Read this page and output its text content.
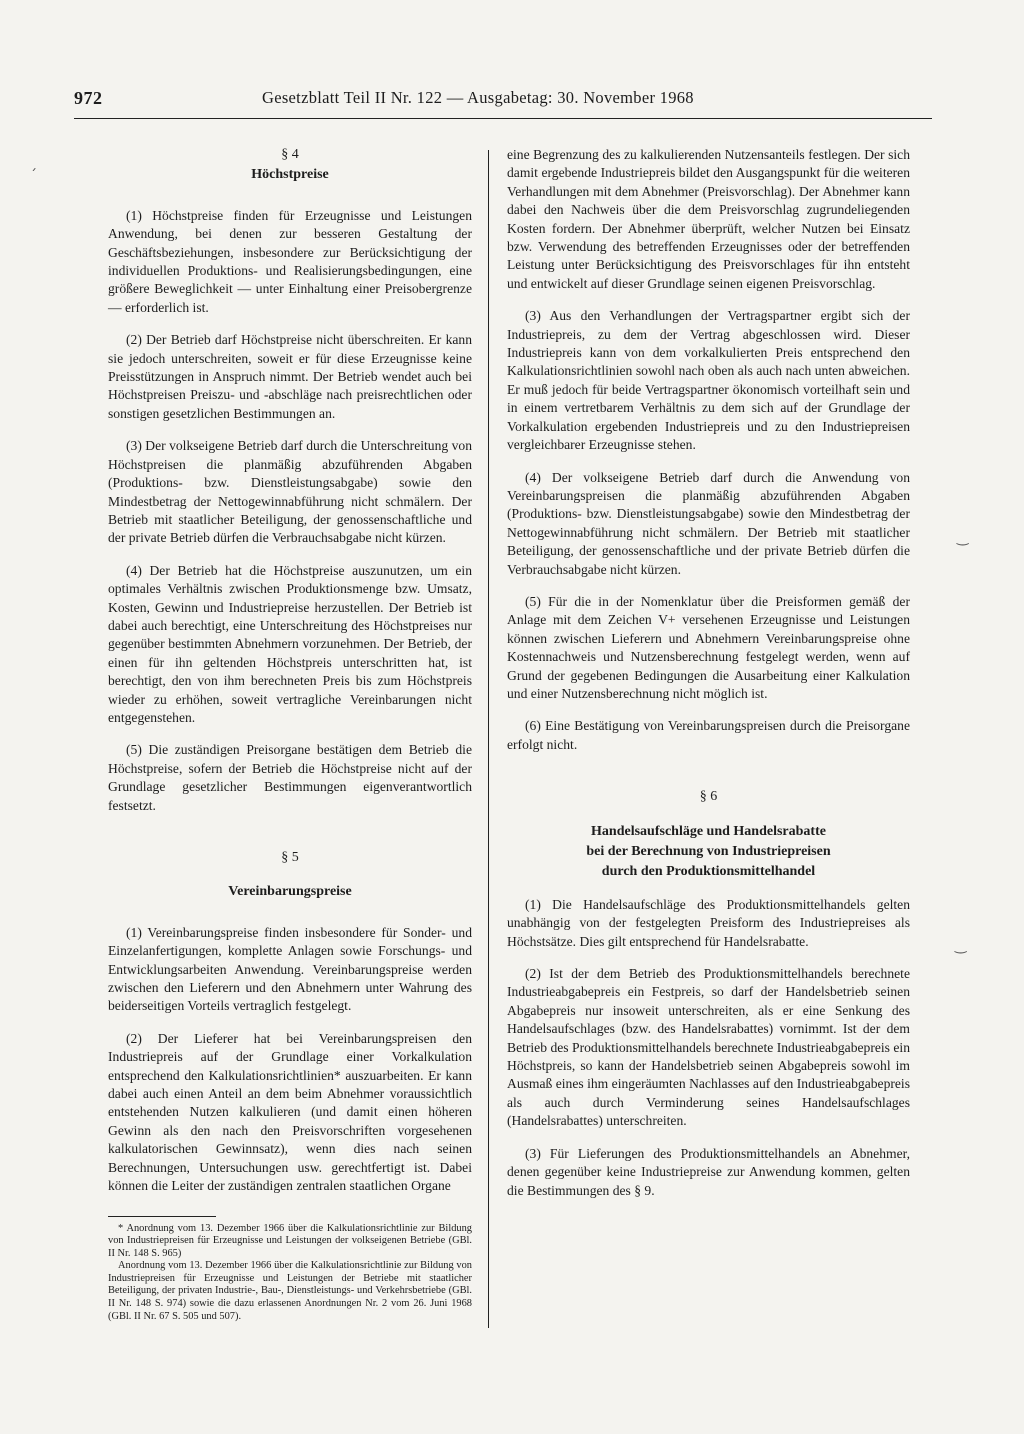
972	Gesetzblatt Teil II Nr. 122 — Ausgabetag: 30. November 1968
´
‿
‿
§ 4
Höchstpreise

(1) Höchstpreise finden für Erzeugnisse und Leistungen Anwendung, bei denen zur besseren Gestaltung der Geschäftsbeziehungen, insbesondere zur Berücksichtigung der individuellen Produktions- und Realisierungsbedingungen, eine größere Beweglichkeit — unter Einhaltung einer Preisobergrenze — erforderlich ist.

(2) Der Betrieb darf Höchstpreise nicht überschreiten. Er kann sie jedoch unterschreiten, soweit er für diese Erzeugnisse keine Preisstützungen in Anspruch nimmt. Der Betrieb wendet auch bei Höchstpreisen Preiszu- und -abschläge nach preisrechtlichen oder sonstigen gesetzlichen Bestimmungen an.

(3) Der volkseigene Betrieb darf durch die Unterschreitung von Höchstpreisen die planmäßig abzuführenden Abgaben (Produktions- bzw. Dienstleistungsabgabe) sowie den Mindestbetrag der Nettogewinnabführung nicht schmälern. Der Betrieb mit staatlicher Beteiligung, der genossenschaftliche und der private Betrieb dürfen die Verbrauchsabgabe nicht kürzen.

(4) Der Betrieb hat die Höchstpreise auszunutzen, um ein optimales Verhältnis zwischen Produktionsmenge bzw. Umsatz, Kosten, Gewinn und Industriepreise herzustellen. Der Betrieb ist dabei auch berechtigt, eine Unterschreitung des Höchstpreises nur gegenüber bestimmten Abnehmern vorzunehmen. Der Betrieb, der einen für ihn geltenden Höchstpreis unterschritten hat, ist berechtigt, den von ihm berechneten Preis bis zum Höchstpreis wieder zu erhöhen, soweit vertragliche Vereinbarungen nicht entgegenstehen.

(5) Die zuständigen Preisorgane bestätigen dem Betrieb die Höchstpreise, sofern der Betrieb die Höchstpreise nicht auf der Grundlage gesetzlicher Bestimmungen eigenverantwortlich festsetzt.

§ 5
Vereinbarungspreise

(1) Vereinbarungspreise finden insbesondere für Sonder- und Einzelanfertigungen, komplette Anlagen sowie Forschungs- und Entwicklungsarbeiten Anwendung. Vereinbarungspreise werden zwischen den Lieferern und den Abnehmern unter Wahrung des beiderseitigen Vorteils vertraglich festgelegt.

(2) Der Lieferer hat bei Vereinbarungspreisen den Industriepreis auf der Grundlage einer Vorkalkulation entsprechend den Kalkulationsrichtlinien* auszuarbeiten. Er kann dabei auch einen Anteil an dem beim Abnehmer voraussichtlich entstehenden Nutzen kalkulieren (und damit einen höheren Gewinn als den nach den Preisvorschriften vorgesehenen kalkulatorischen Gewinnsatz), wenn dies nach seinen Berechnungen, Untersuchungen usw. gerechtfertigt ist. Dabei können die Leiter der zuständigen zentralen staatlichen Organe

* Anordnung vom 13. Dezember 1966 über die Kalkulationsrichtlinie zur Bildung von Industriepreisen für Erzeugnisse und Leistungen der volkseigenen Betriebe (GBl. II Nr. 148 S. 965)

Anordnung vom 13. Dezember 1966 über die Kalkulationsrichtlinie zur Bildung von Industriepreisen für Erzeugnisse und Leistungen der Betriebe mit staatlicher Beteiligung, der privaten Industrie-, Bau-, Dienstleistungs- und Verkehrsbetriebe (GBl. II Nr. 148 S. 974) sowie die dazu erlassenen Anordnungen Nr. 2 vom 26. Juni 1968 (GBl. II Nr. 67 S. 505 und 507).

eine Begrenzung des zu kalkulierenden Nutzensanteils festlegen. Der sich damit ergebende Industriepreis bildet den Ausgangspunkt für die weiteren Verhandlungen mit dem Abnehmer (Preisvorschlag). Der Abnehmer kann dabei den Nachweis über die dem Preisvorschlag zugrundeliegenden Kosten fordern. Der Abnehmer überprüft, welcher Nutzen bei Einsatz bzw. Verwendung des betreffenden Erzeugnisses oder der betreffenden Leistung unter Berücksichtigung des Preisvorschlages für ihn entsteht und entwickelt auf dieser Grundlage seinen eigenen Preisvorschlag.

(3) Aus den Verhandlungen der Vertragspartner ergibt sich der Industriepreis, zu dem der Vertrag abgeschlossen wird. Dieser Industriepreis kann von dem vorkalkulierten Preis entsprechend den Kalkulationsrichtlinien sowohl nach oben als auch nach unten abweichen. Er muß jedoch für beide Vertragspartner ökonomisch vorteilhaft sein und in einem vertretbarem Verhältnis zu dem sich auf der Grundlage der Vorkalkulation ergebenden Industriepreis und zu den Industriepreisen vergleichbarer Erzeugnisse stehen.

(4) Der volkseigene Betrieb darf durch die Anwendung von Vereinbarungspreisen die planmäßig abzuführenden Abgaben (Produktions- bzw. Dienstleistungsabgabe) sowie den Mindestbetrag der Nettogewinnabführung nicht schmälern. Der Betrieb mit staatlicher Beteiligung, der genossenschaftliche und der private Betrieb dürfen die Verbrauchsabgabe nicht kürzen.

(5) Für die in der Nomenklatur über die Preisformen gemäß der Anlage mit dem Zeichen V+ versehenen Erzeugnisse und Leistungen können zwischen Lieferern und Abnehmern Vereinbarungspreise ohne Kostennachweis und Nutzensberechnung festgelegt werden, wenn auf Grund der gegebenen Bedingungen die Ausarbeitung einer Kalkulation und einer Nutzensberechnung nicht möglich ist.

(6) Eine Bestätigung von Vereinbarungspreisen durch die Preisorgane erfolgt nicht.

§ 6
Handelsaufschläge und Handelsrabatte
bei der Berechnung von Industriepreisen
durch den Produktionsmittelhandel

(1) Die Handelsaufschläge des Produktionsmittelhandels gelten unabhängig von der festgelegten Preisform des Industriepreises als Höchstsätze. Dies gilt entsprechend für Handelsrabatte.

(2) Ist der dem Betrieb des Produktionsmittelhandels berechnete Industrieabgabepreis ein Festpreis, so darf der Handelsbetrieb seinen Abgabepreis nur insoweit unterschreiten, als er eine Senkung des Handelsaufschlages (bzw. des Handelsrabattes) vornimmt. Ist der dem Betrieb des Produktionsmittelhandels berechnete Industrieabgabepreis ein Höchstpreis, so kann der Handelsbetrieb seinen Abgabepreis sowohl im Ausmaß eines ihm eingeräumten Nachlasses auf den Industrieabgabepreis als auch durch Verminderung seines Handelsaufschlages (Handelsrabattes) unterschreiten.

(3) Für Lieferungen des Produktionsmittelhandels an Abnehmer, denen gegenüber keine Industriepreise zur Anwendung kommen, gelten die Bestimmungen des § 9.
